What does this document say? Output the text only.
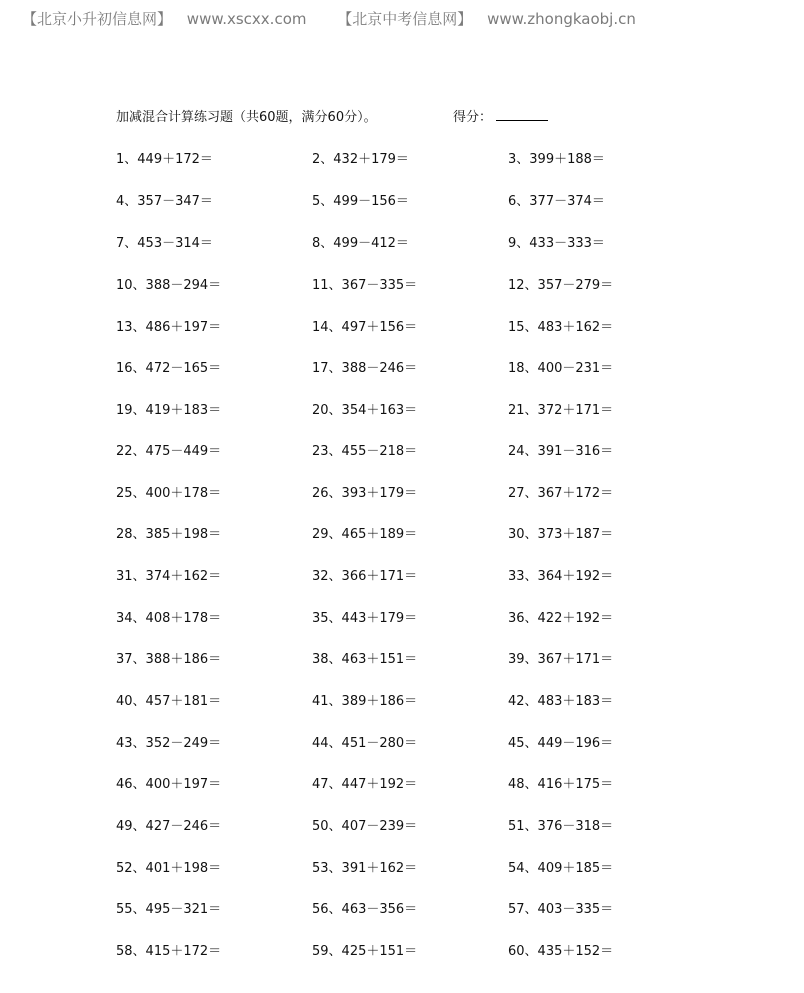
【北京小升初信息网】 www.xscxx.com 【北京中考信息网】 www.zhongkaobj.cn
加减混合计算练习题（共60题，满分60分）。	得分：
1、449＋172＝	2、432＋179＝	3、399＋188＝
4、357－347＝	5、499－156＝	6、377－374＝
7、453－314＝	8、499－412＝	9、433－333＝
10、388－294＝	11、367－335＝	12、357－279＝
13、486＋197＝	14、497＋156＝	15、483＋162＝
16、472－165＝	17、388－246＝	18、400－231＝
19、419＋183＝	20、354＋163＝	21、372＋171＝
22、475－449＝	23、455－218＝	24、391－316＝
25、400＋178＝	26、393＋179＝	27、367＋172＝
28、385＋198＝	29、465＋189＝	30、373＋187＝
31、374＋162＝	32、366＋171＝	33、364＋192＝
34、408＋178＝	35、443＋179＝	36、422＋192＝
37、388＋186＝	38、463＋151＝	39、367＋171＝
40、457＋181＝	41、389＋186＝	42、483＋183＝
43、352－249＝	44、451－280＝	45、449－196＝
46、400＋197＝	47、447＋192＝	48、416＋175＝
49、427－246＝	50、407－239＝	51、376－318＝
52、401＋198＝	53、391＋162＝	54、409＋185＝
55、495－321＝	56、463－356＝	57、403－335＝
58、415＋172＝	59、425＋151＝	60、435＋152＝
